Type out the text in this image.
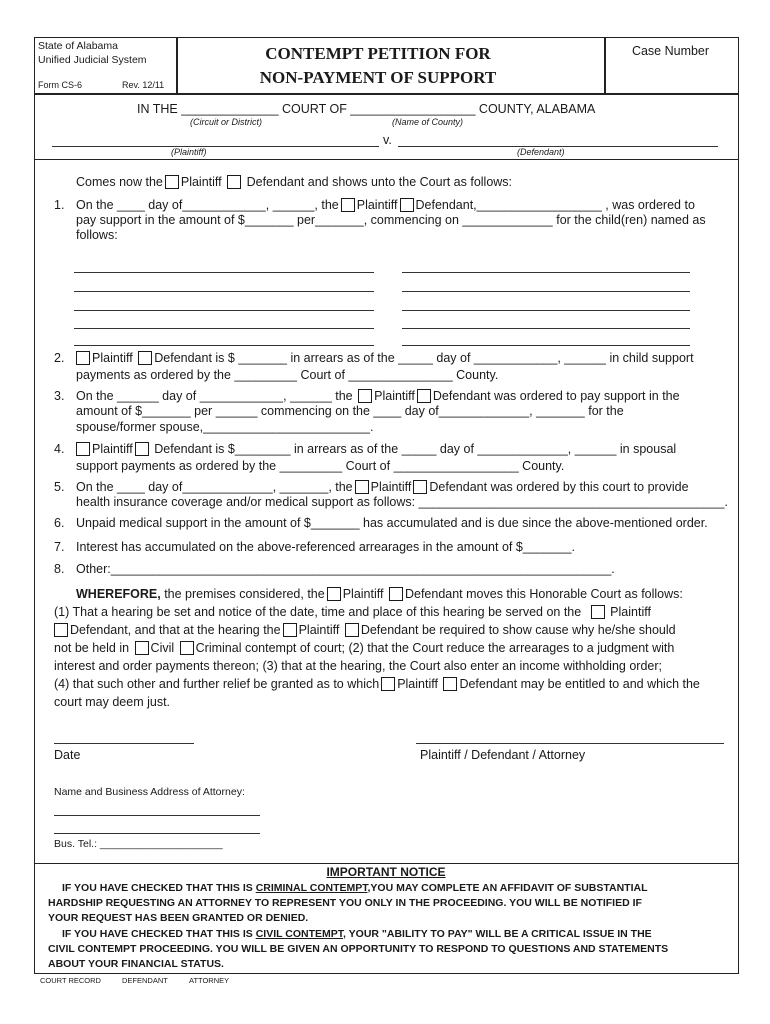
State of Alabama
Unified Judicial System
Form CS-6	Rev. 12/11
CONTEMPT PETITION FOR
NON-PAYMENT OF SUPPORT
Case Number
IN THE ______________ COURT OF __________________ COUNTY, ALABAMA
(Circuit or District)	(Name of County)
v.
(Plaintiff)	(Defendant)
Comes now the Plaintiff Defendant and shows unto the Court as follows:
1. On the ____ day of____________, ______, the Plaintiff Defendant,__________________ , was ordered to
pay support in the amount of $_______ per_______, commencing on _____________ for the child(ren) named as
follows:
2.	Plaintiff Defendant is $ _______ in arrears as of the _____ day of ____________, ______ in child support
payments as ordered by the _________ Court of _______________ County.
3. On the ______ day of ____________, ______ the Plaintiff Defendant was ordered to pay support in the
amount of $_______ per ______ commencing on the ____ day of_____________, _______ for the
spouse/former spouse,________________________.
4.	Plaintiff Defendant is $________ in arrears as of the _____ day of _____________, ______ in spousal
support payments as ordered by the _________ Court of __________________ County.
5. On the ____ day of_____________, _______, the Plaintiff Defendant was ordered by this court to provide
health insurance coverage and/or medical support as follows: ____________________________________________.
6. Unpaid medical support in the amount of $_______ has accumulated and is due since the above-mentioned order.
7. Interest has accumulated on the above-referenced arrearages in the amount of $_______.
8. Other:________________________________________________________________________.
WHEREFORE, the premises considered, the Plaintiff Defendant moves this Honorable Court as follows:
(1) That a hearing be set and notice of the date, time and place of this hearing be served on the Plaintiff
Defendant, and that at the hearing the Plaintiff Defendant be required to show cause why he/she should
not be held in Civil Criminal contempt of court; (2) that the Court reduce the arrearages to a judgment with
interest and order payments thereon; (3) that at the hearing, the Court also enter an income withholding order;
(4) that such other and further relief be granted as to which Plaintiff Defendant may be entitled to and which the
court may deem just.
Date	Plaintiff / Defendant / Attorney
Name and Business Address of Attorney:
Bus. Tel.: _____________________
IMPORTANT NOTICE
IF YOU HAVE CHECKED THAT THIS IS CRIMINAL CONTEMPT,YOU MAY COMPLETE AN AFFIDAVIT OF SUBSTANTIAL
HARDSHIP REQUESTING AN ATTORNEY TO REPRESENT YOU ONLY IN THE PROCEEDING. YOU WILL BE NOTIFIED IF
YOUR REQUEST HAS BEEN GRANTED OR DENIED.
IF YOU HAVE CHECKED THAT THIS IS CIVIL CONTEMPT, YOUR "ABILITY TO PAY" WILL BE A CRITICAL ISSUE IN THE
CIVIL CONTEMPT PROCEEDING. YOU WILL BE GIVEN AN OPPORTUNITY TO RESPOND TO QUESTIONS AND STATEMENTS
ABOUT YOUR FINANCIAL STATUS.
COURT RECORD	DEFENDANT	ATTORNEY
